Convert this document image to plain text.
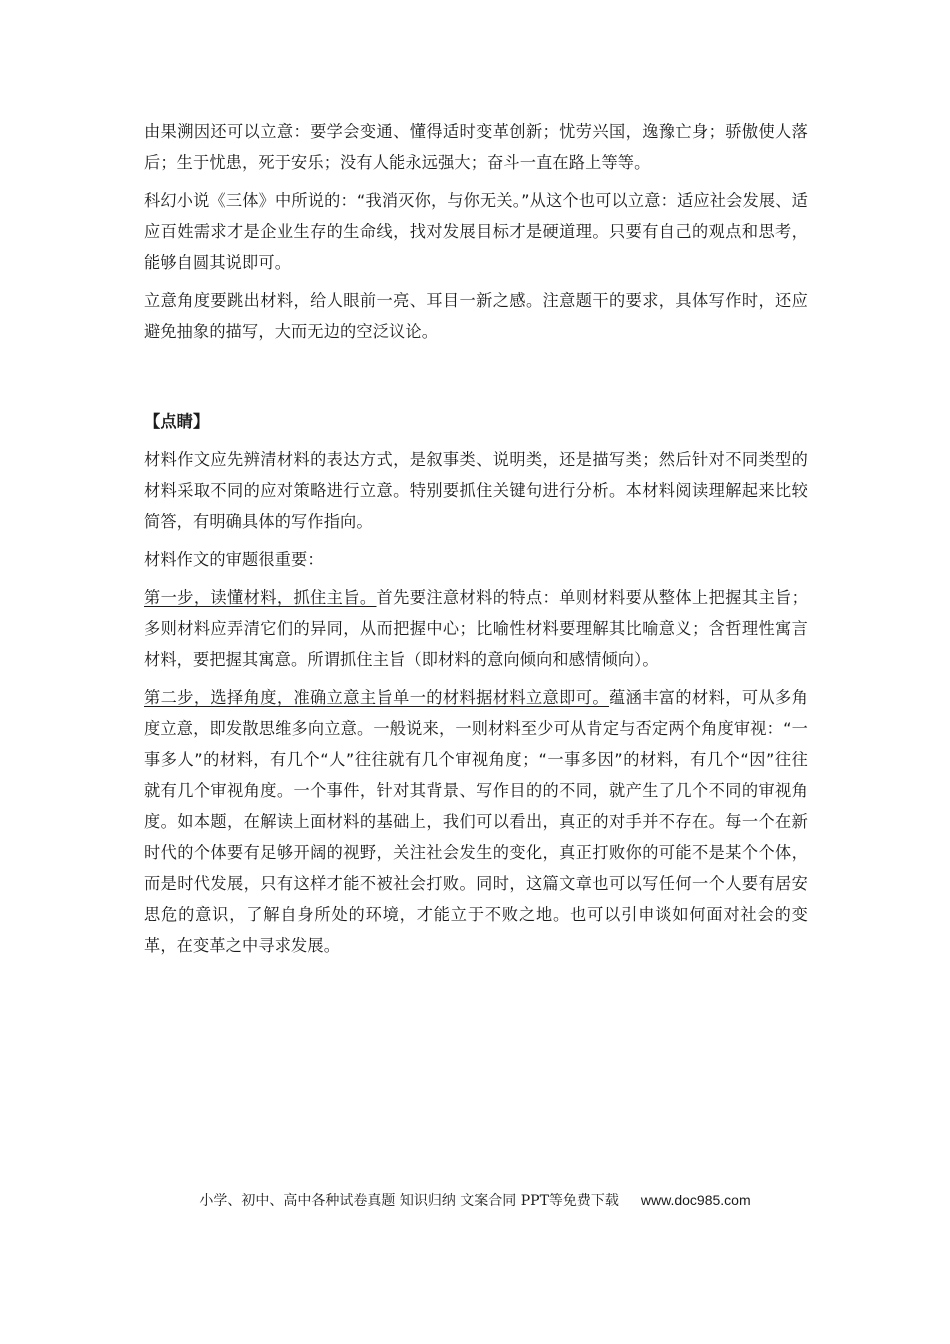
由果溯因还可以立意：要学会变通、懂得适时变革创新；忧劳兴国，逸豫亡身；骄傲使人落后；生于忧患，死于安乐；没有人能永远强大；奋斗一直在路上等等。

科幻小说《三体》中所说的：“我消灭你，与你无关。”从这个也可以立意：适应社会发展、适应百姓需求才是企业生存的生命线，找对发展目标才是硬道理。只要有自己的观点和思考，能够自圆其说即可。

立意角度要跳出材料，给人眼前一亮、耳目一新之感。注意题干的要求，具体写作时，还应避免抽象的描写，大而无边的空泛议论。

【点睛】

材料作文应先辨清材料的表达方式，是叙事类、说明类，还是描写类；然后针对不同类型的材料采取不同的应对策略进行立意。特别要抓住关键句进行分析。本材料阅读理解起来比较简答，有明确具体的写作指向。

材料作文的审题很重要：

第一步，读懂材料，抓住主旨。首先要注意材料的特点：单则材料要从整体上把握其主旨；多则材料应弄清它们的异同，从而把握中心；比喻性材料要理解其比喻意义；含哲理性寓言材料，要把握其寓意。所谓抓住主旨（即材料的意向倾向和感情倾向）。

第二步，选择角度，准确立意主旨单一的材料据材料立意即可。蕴涵丰富的材料，可从多角度立意，即发散思维多向立意。一般说来，一则材料至少可从肯定与否定两个角度审视：“一事多人”的材料，有几个“人”往往就有几个审视角度；“一事多因”的材料，有几个“因”往往就有几个审视角度。一个事件，针对其背景、写作目的的不同，就产生了几个不同的审视角度。如本题，在解读上面材料的基础上，我们可以看出，真正的对手并不存在。每一个在新时代的个体要有足够开阔的视野，关注社会发生的变化，真正打败你的可能不是某个个体，而是时代发展，只有这样才能不被社会打败。同时，这篇文章也可以写任何一个人要有居安思危的意识，了解自身所处的环境，才能立于不败之地。也可以引申谈如何面对社会的变革，在变革之中寻求发展。

小学、初中、高中各种试卷真题 知识归纳 文案合同 PPT等免费下载 www.doc985.com
